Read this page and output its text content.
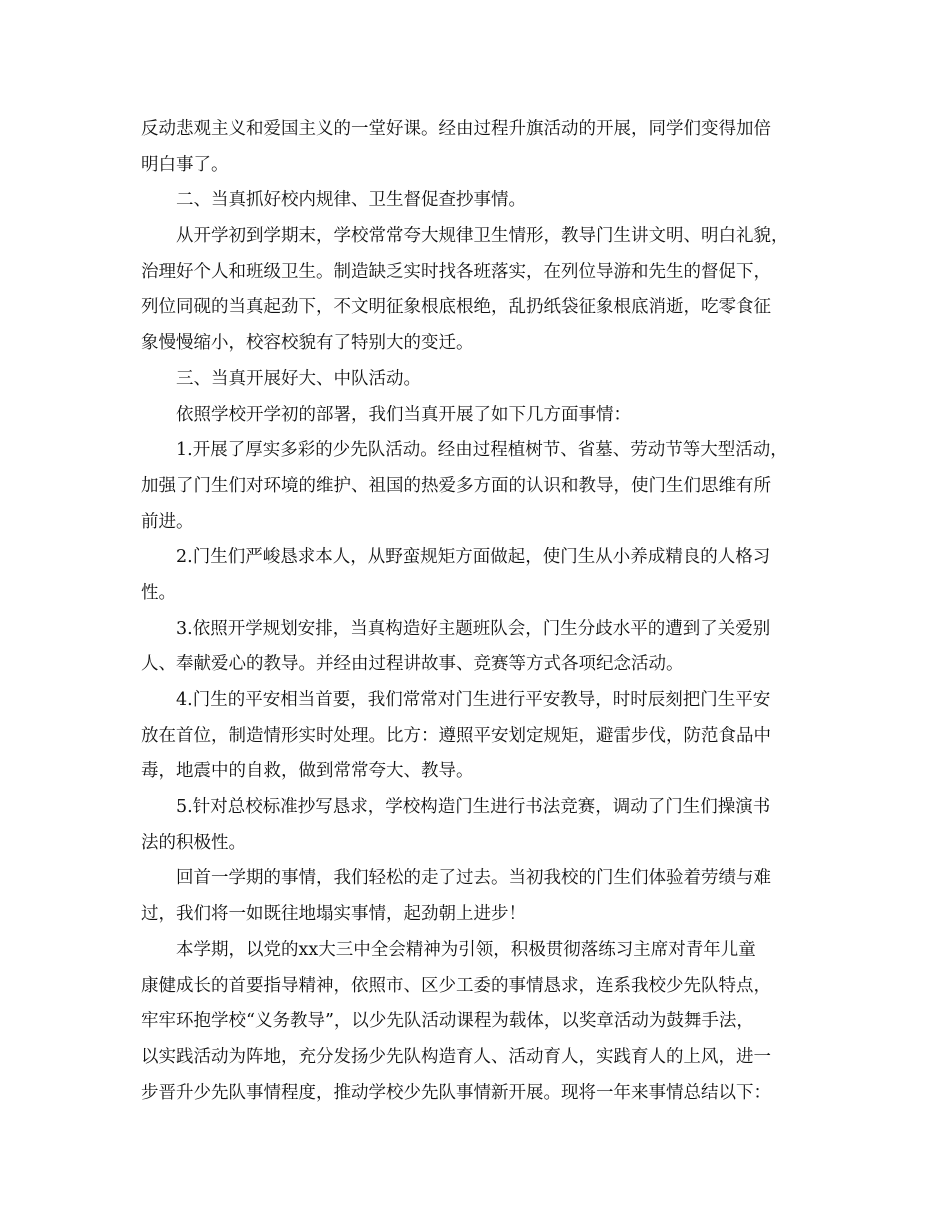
反动悲观主义和爱国主义的一堂好课。经由过程升旗活动的开展，同学们变得加倍
明白事了。
二、当真抓好校内规律、卫生督促查抄事情。
从开学初到学期末，学校常常夸大规律卫生情形，教导门生讲文明、明白礼貌，
治理好个人和班级卫生。制造缺乏实时找各班落实，在列位导游和先生的督促下，
列位同砚的当真起劲下，不文明征象根底根绝，乱扔纸袋征象根底消逝，吃零食征
象慢慢缩小，校容校貌有了特别大的变迁。
三、当真开展好大、中队活动。
依照学校开学初的部署，我们当真开展了如下几方面事情：
1.开展了厚实多彩的少先队活动。经由过程植树节、省墓、劳动节等大型活动，
加强了门生们对环境的维护、祖国的热爱多方面的认识和教导，使门生们思维有所
前进。
2.门生们严峻恳求本人，从野蛮规矩方面做起，使门生从小养成精良的人格习
性。
3.依照开学规划安排，当真构造好主题班队会，门生分歧水平的遭到了关爱别
人、奉献爱心的教导。并经由过程讲故事、竞赛等方式各项纪念活动。
4.门生的平安相当首要，我们常常对门生进行平安教导，时时辰刻把门生平安
放在首位，制造情形实时处理。比方：遵照平安划定规矩，避雷步伐，防范食品中
毒，地震中的自救，做到常常夸大、教导。
5.针对总校标准抄写恳求，学校构造门生进行书法竞赛，调动了门生们操演书
法的积极性。
回首一学期的事情，我们轻松的走了过去。当初我校的门生们体验着劳绩与难
过，我们将一如既往地塌实事情，起劲朝上进步！
本学期，以党的xx大三中全会精神为引领，积极贯彻落练习主席对青年儿童
康健成长的首要指导精神，依照市、区少工委的事情恳求，连系我校少先队特点，
牢牢环抱学校“义务教导”，以少先队活动课程为载体，以奖章活动为鼓舞手法，
以实践活动为阵地，充分发扬少先队构造育人、活动育人，实践育人的上风，进一
步晋升少先队事情程度，推动学校少先队事情新开展。现将一年来事情总结以下：
